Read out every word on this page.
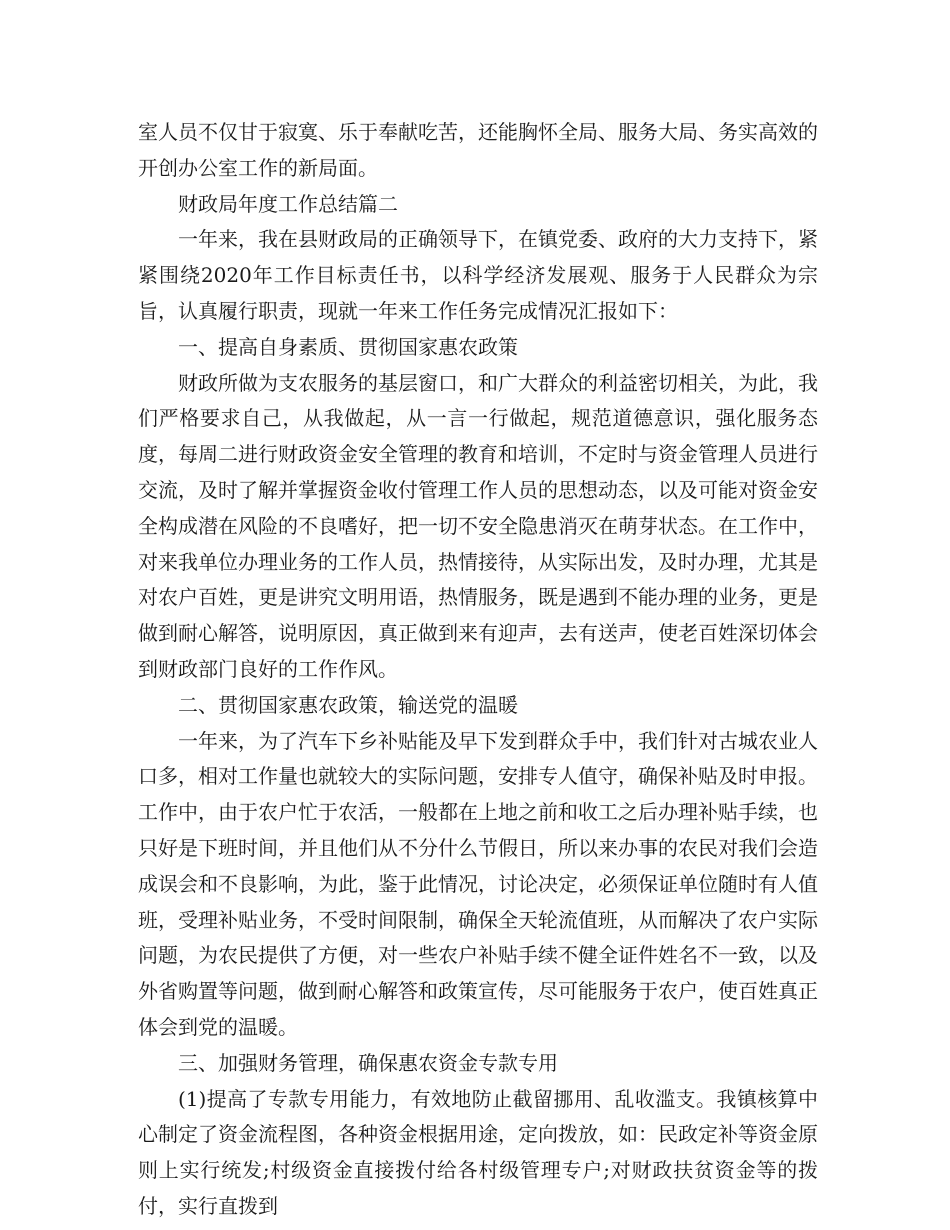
室人员不仅甘于寂寞、乐于奉献吃苦，还能胸怀全局、服务大局、务实高效的开创办公室工作的新局面。

财政局年度工作总结篇二

一年来，我在县财政局的正确领导下，在镇党委、政府的大力支持下，紧紧围绕2020年工作目标责任书，以科学经济发展观、服务于人民群众为宗旨，认真履行职责，现就一年来工作任务完成情况汇报如下：

一、提高自身素质、贯彻国家惠农政策

财政所做为支农服务的基层窗口，和广大群众的利益密切相关，为此，我们严格要求自己，从我做起，从一言一行做起，规范道德意识，强化服务态度，每周二进行财政资金安全管理的教育和培训，不定时与资金管理人员进行交流，及时了解并掌握资金收付管理工作人员的思想动态，以及可能对资金安全构成潜在风险的不良嗜好，把一切不安全隐患消灭在萌芽状态。在工作中，对来我单位办理业务的工作人员，热情接待，从实际出发，及时办理，尤其是对农户百姓，更是讲究文明用语，热情服务，既是遇到不能办理的业务，更是做到耐心解答，说明原因，真正做到来有迎声，去有送声，使老百姓深切体会到财政部门良好的工作作风。

二、贯彻国家惠农政策，输送党的温暖

一年来，为了汽车下乡补贴能及早下发到群众手中，我们针对古城农业人口多，相对工作量也就较大的实际问题，安排专人值守，确保补贴及时申报。工作中，由于农户忙于农活，一般都在上地之前和收工之后办理补贴手续，也只好是下班时间，并且他们从不分什么节假日，所以来办事的农民对我们会造成误会和不良影响，为此，鉴于此情况，讨论决定，必须保证单位随时有人值班，受理补贴业务，不受时间限制，确保全天轮流值班，从而解决了农户实际问题，为农民提供了方便，对一些农户补贴手续不健全证件姓名不一致，以及外省购置等问题，做到耐心解答和政策宣传，尽可能服务于农户，使百姓真正体会到党的温暖。

三、加强财务管理，确保惠农资金专款专用

(1)提高了专款专用能力，有效地防止截留挪用、乱收滥支。我镇核算中心制定了资金流程图，各种资金根据用途，定向拨放，如：民政定补等资金原则上实行统发;村级资金直接拨付给各村级管理专户;对财政扶贫资金等的拨付，实行直拨到
